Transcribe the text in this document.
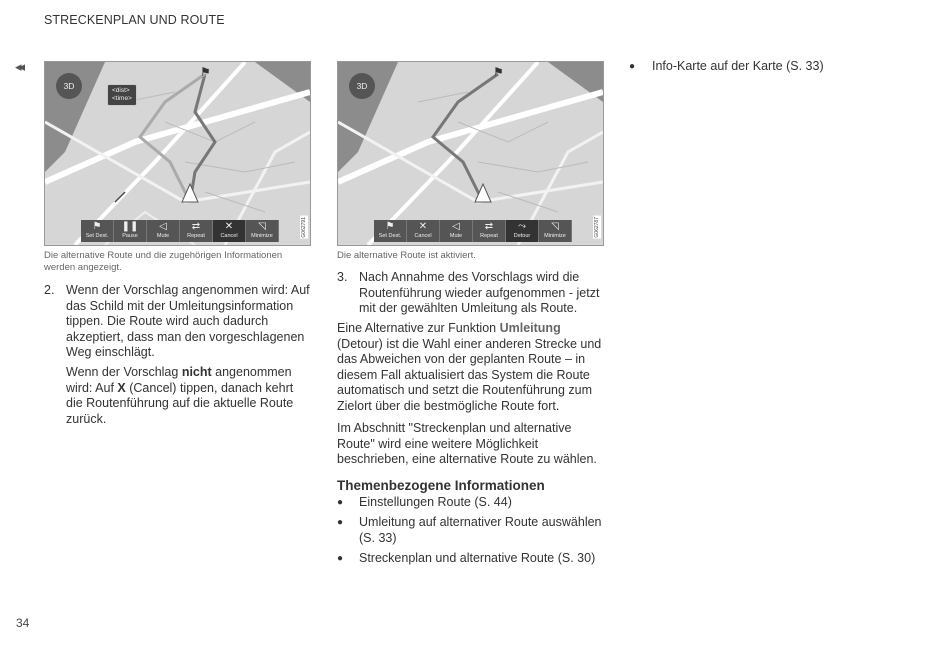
STRECKENPLAN UND ROUTE
◂◂
3D
⚑
<dist>
<time>
⚑
Set Dest.
❚❚
Pause
◁
Mute
⇄
Repeat
✕
Cancel
◹
Minimize	G062791
Die alternative Route und die zugehörigen Informationen werden angezeigt.
3D
⚑
⚑
Set Dest.
✕
Cancel
◁
Mute
⇄
Repeat
⤳
Detour
◹
Minimize	G062787
Die alternative Route ist aktiviert.
2. Wenn der Vorschlag angenommen wird: Auf das Schild mit der Umleitungsinformation tippen. Die Route wird auch dadurch akzeptiert, dass man den vorgeschlagenen Weg einschlägt.
Wenn der Vorschlag nicht angenommen wird: Auf X (Cancel) tippen, danach kehrt die Routenführung auf die aktuelle Route zurück.
3. Nach Annahme des Vorschlags wird die Routenführung wieder aufgenommen - jetzt mit der gewählten Umleitung als Route.
Eine Alternative zur Funktion Umleitung (Detour) ist die Wahl einer anderen Strecke und das Abweichen von der geplanten Route – in diesem Fall aktualisiert das System die Route automatisch und setzt die Routenführung zum Zielort über die bestmögliche Route fort.
Im Abschnitt "Streckenplan und alternative Route" wird eine weitere Möglichkeit beschrieben, eine alternative Route zu wählen.
Themenbezogene Informationen
● Einstellungen Route (S. 44)
● Umleitung auf alternativer Route auswählen (S. 33)
● Streckenplan und alternative Route (S. 30)
● Info-Karte auf der Karte (S. 33)
34
